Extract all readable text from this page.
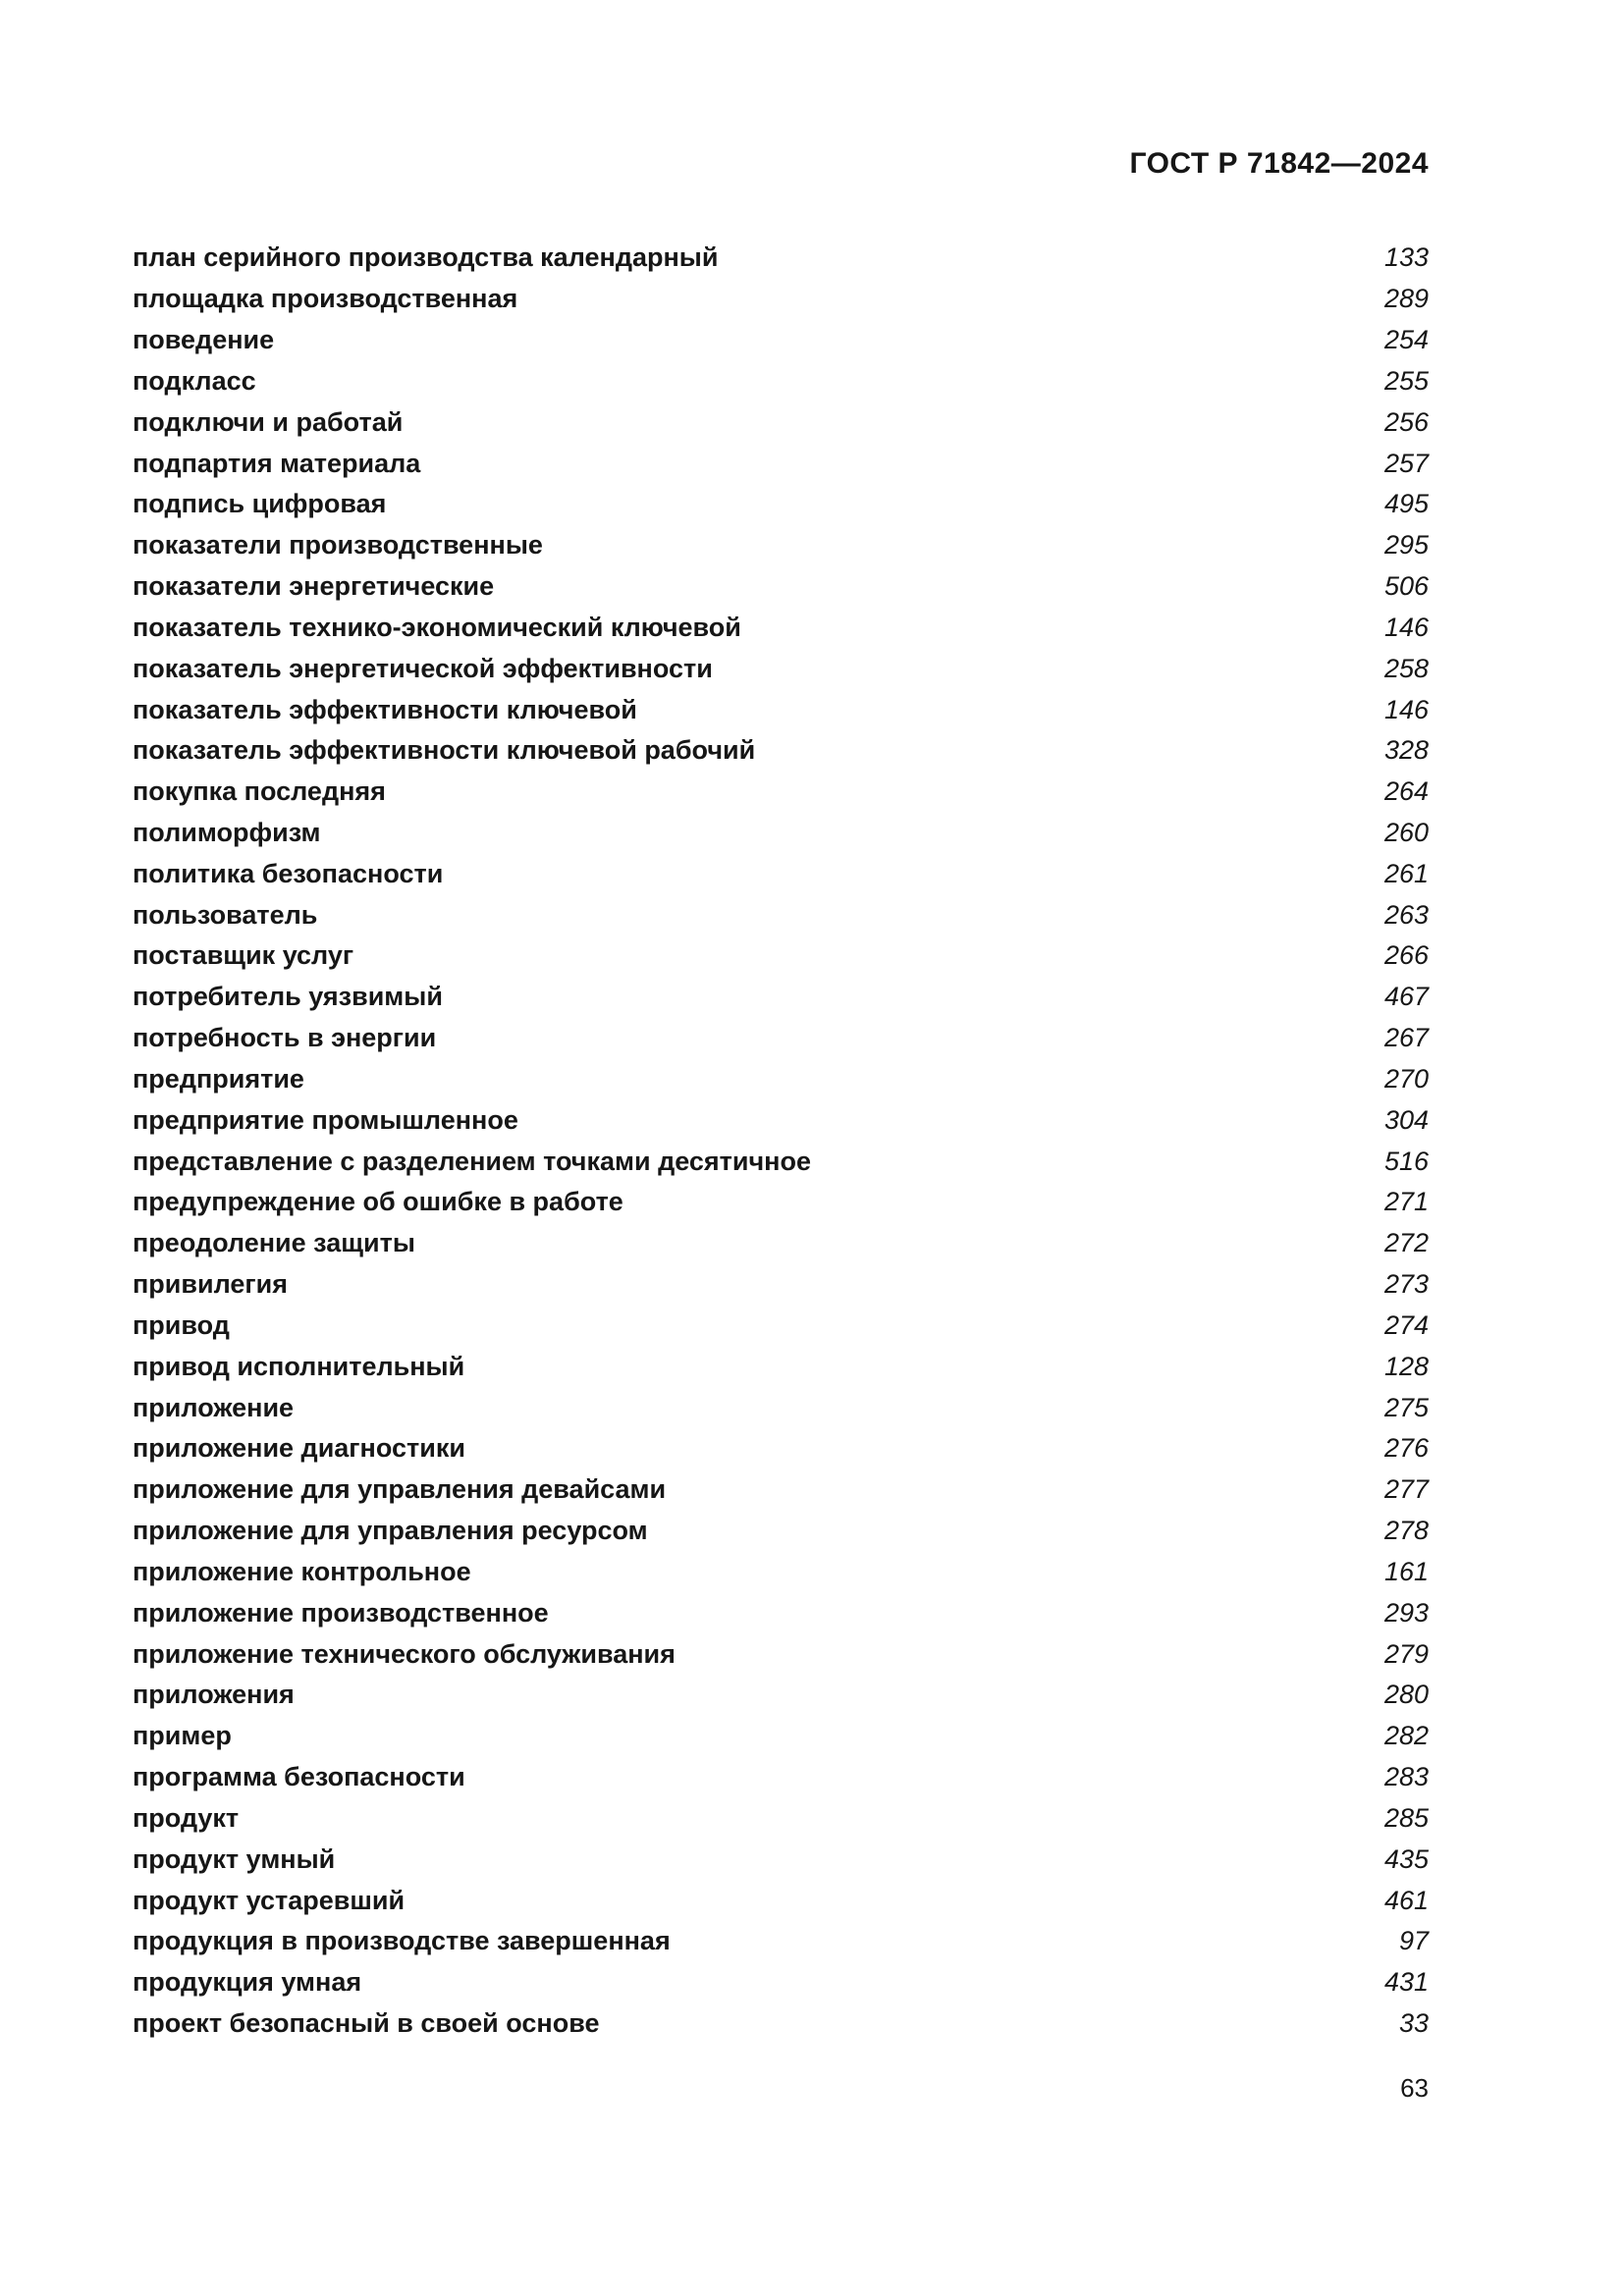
ГОСТ Р 71842—2024
план серийного производства календарный	133
площадка производственная	289
поведение	254
подкласс	255
подключи и работай	256
подпартия материала	257
подпись цифровая	495
показатели производственные	295
показатели энергетические	506
показатель технико-экономический ключевой	146
показатель энергетической эффективности	258
показатель эффективности ключевой	146
показатель эффективности ключевой рабочий	328
покупка последняя	264
полиморфизм	260
политика безопасности	261
пользователь	263
поставщик услуг	266
потребитель уязвимый	467
потребность в энергии	267
предприятие	270
предприятие промышленное	304
представление с разделением точками десятичное	516
предупреждение об ошибке в работе	271
преодоление защиты	272
привилегия	273
привод	274
привод исполнительный	128
приложение	275
приложение диагностики	276
приложение для управления девайсами	277
приложение для управления ресурсом	278
приложение контрольное	161
приложение производственное	293
приложение технического обслуживания	279
приложения	280
пример	282
программа безопасности	283
продукт	285
продукт умный	435
продукт устаревший	461
продукция в производстве завершенная	97
продукция умная	431
проект безопасный в своей основе	33
63
